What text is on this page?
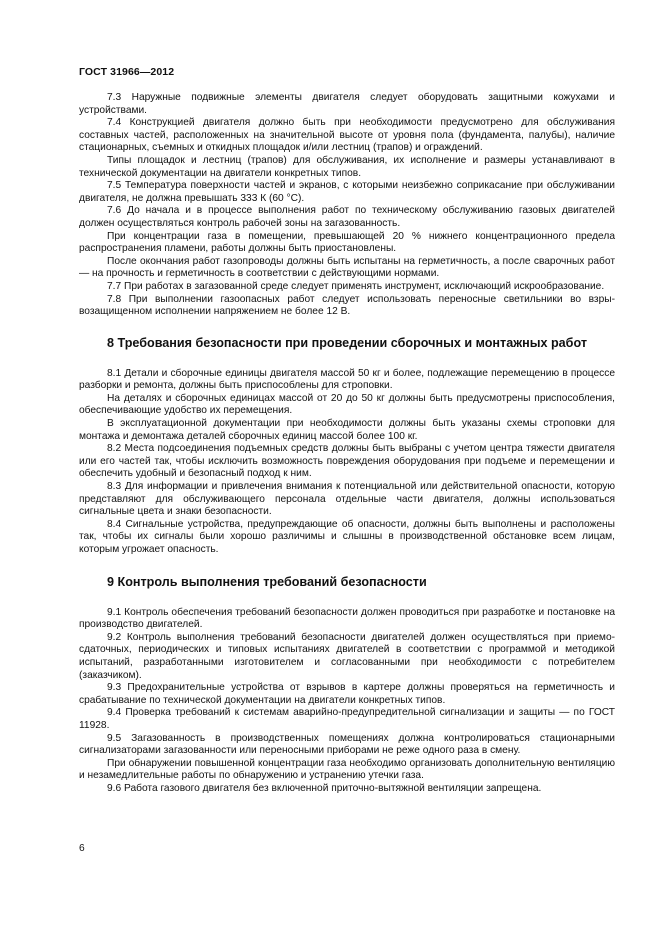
ГОСТ 31966—2012

7.3 Наружные подвижные элементы двигателя следует оборудовать защитными кожухами и устройствами.

7.4 Конструкцией двигателя должно быть при необходимости предусмотрено для обслуживания составных частей, расположенных на значительной высоте от уровня пола (фундамента, палубы), наличие стационарных, съемных и откидных площадок и/или лестниц (трапов) и ограждений.

Типы площадок и лестниц (трапов) для обслуживания, их исполнение и размеры устанавливают в технической документации на двигатели конкретных типов.

7.5 Температура поверхности частей и экранов, с которыми неизбежно соприкасание при обслуживании двигателя, не должна превышать 333 К (60 °С).

7.6 До начала и в процессе выполнения работ по техническому обслуживанию газовых двигателей должен осуществляться контроль рабочей зоны на загазованность.

При концентрации газа в помещении, превышающей 20 % нижнего концентрационного предела распространения пламени, работы должны быть приостановлены.

После окончания работ газопроводы должны быть испытаны на герметичность, а после сварочных работ — на прочность и герметичность в соответствии с действующими нормами.

7.7 При работах в загазованной среде следует применять инструмент, исключающий искрообразование.

7.8 При выполнении газоопасных работ следует использовать переносные светильники во взрывозащищенном исполнении напряжением не более 12 В.

8 Требования безопасности при проведении сборочных и монтажных работ

8.1 Детали и сборочные единицы двигателя массой 50 кг и более, подлежащие перемещению в процессе разборки и ремонта, должны быть приспособлены для строповки.

На деталях и сборочных единицах массой от 20 до 50 кг должны быть предусмотрены приспособления, обеспечивающие удобство их перемещения.

В эксплуатационной документации при необходимости должны быть указаны схемы строповки для монтажа и демонтажа деталей сборочных единиц массой более 100 кг.

8.2 Места подсоединения подъемных средств должны быть выбраны с учетом центра тяжести двигателя или его частей так, чтобы исключить возможность повреждения оборудования при подъеме и перемещении и обеспечить удобный и безопасный подход к ним.

8.3 Для информации и привлечения внимания к потенциальной или действительной опасности, которую представляют для обслуживающего персонала отдельные части двигателя, должны использоваться сигнальные цвета и знаки безопасности.

8.4 Сигнальные устройства, предупреждающие об опасности, должны быть выполнены и расположены так, чтобы их сигналы были хорошо различимы и слышны в производственной обстановке всем лицам, которым угрожает опасность.

9 Контроль выполнения требований безопасности

9.1 Контроль обеспечения требований безопасности должен проводиться при разработке и постановке на производство двигателей.

9.2 Контроль выполнения требований безопасности двигателей должен осуществляться при приемо-сдаточных, периодических и типовых испытаниях двигателей в соответствии с программой и методикой испытаний, разработанными изготовителем и согласованными при необходимости с потребителем (заказчиком).

9.3 Предохранительные устройства от взрывов в картере должны проверяться на герметичность и срабатывание по технической документации на двигатели конкретных типов.

9.4 Проверка требований к системам аварийно-предупредительной сигнализации и защиты — по ГОСТ 11928.

9.5 Загазованность в производственных помещениях должна контролироваться стационарными сигнализаторами загазованности или переносными приборами не реже одного раза в смену.

При обнаружении повышенной концентрации газа необходимо организовать дополнительную вентиляцию и незамедлительные работы по обнаружению и устранению утечки газа.

9.6 Работа газового двигателя без включенной приточно-вытяжной вентиляции запрещена.

6
